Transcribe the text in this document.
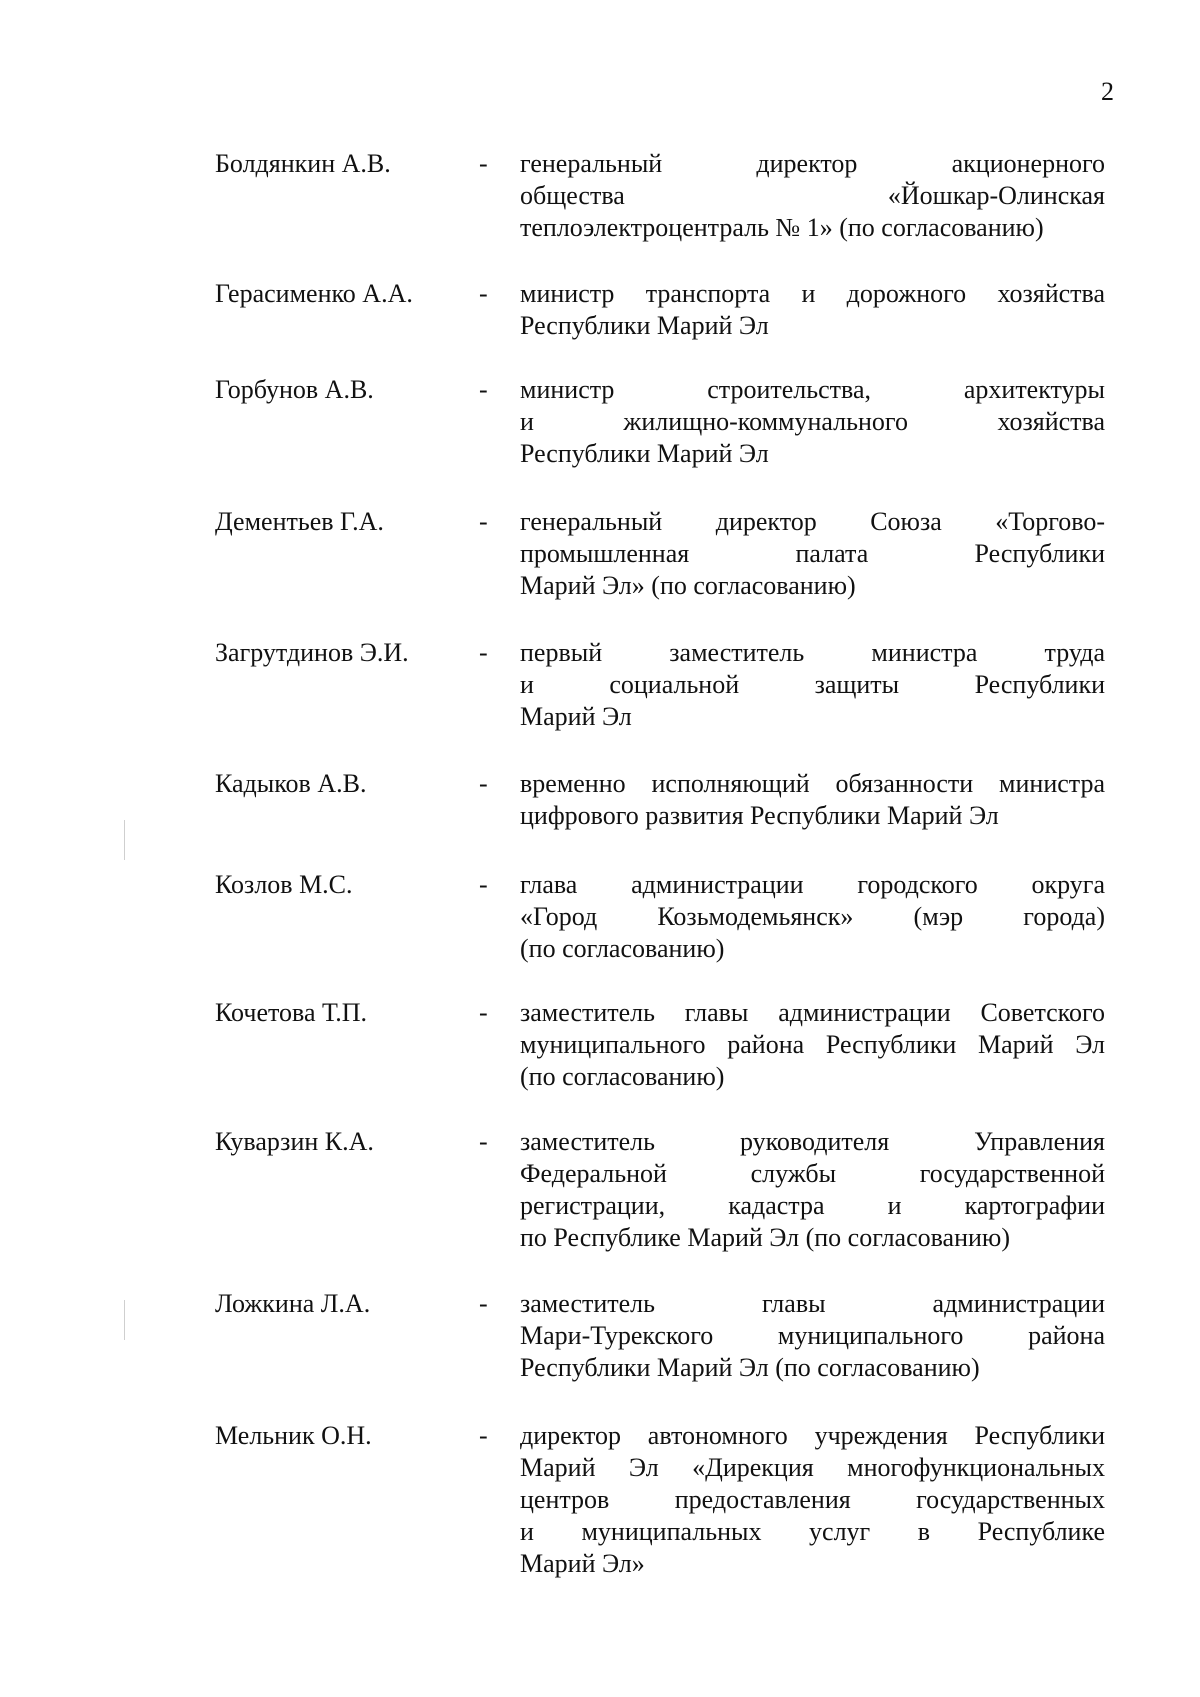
2
Болдянкин А.В.	- генеральный директор акционерного
общества «Йошкар-Олинская
теплоэлектроцентраль № 1» (по согласованию)
Герасименко А.А.	- министр транспорта и дорожного хозяйства
Республики Марий Эл
Горбунов А.В.	- министр строительства, архитектуры
и жилищно-коммунального хозяйства
Республики Марий Эл
Дементьев Г.А.	- генеральный директор Союза «Торгово-
промышленная палата Республики
Марий Эл» (по согласованию)
Загрутдинов Э.И.	- первый заместитель министра труда
и социальной защиты Республики
Марий Эл
Кадыков А.В.	- временно исполняющий обязанности министра
цифрового развития Республики Марий Эл
Козлов М.С.	- глава администрации городского округа
«Город Козьмодемьянск» (мэр города)
(по согласованию)
Кочетова Т.П.	- заместитель главы администрации Советского
муниципального района Республики Марий Эл
(по согласованию)
Куварзин К.А.	- заместитель руководителя Управления
Федеральной службы государственной
регистрации, кадастра и картографии
по Республике Марий Эл (по согласованию)
Ложкина Л.А.	- заместитель главы администрации
Мари-Турекского муниципального района
Республики Марий Эл (по согласованию)
Мельник О.Н.	- директор автономного учреждения Республики
Марий Эл «Дирекция многофункциональных
центров предоставления государственных
и муниципальных услуг в Республике
Марий Эл»
